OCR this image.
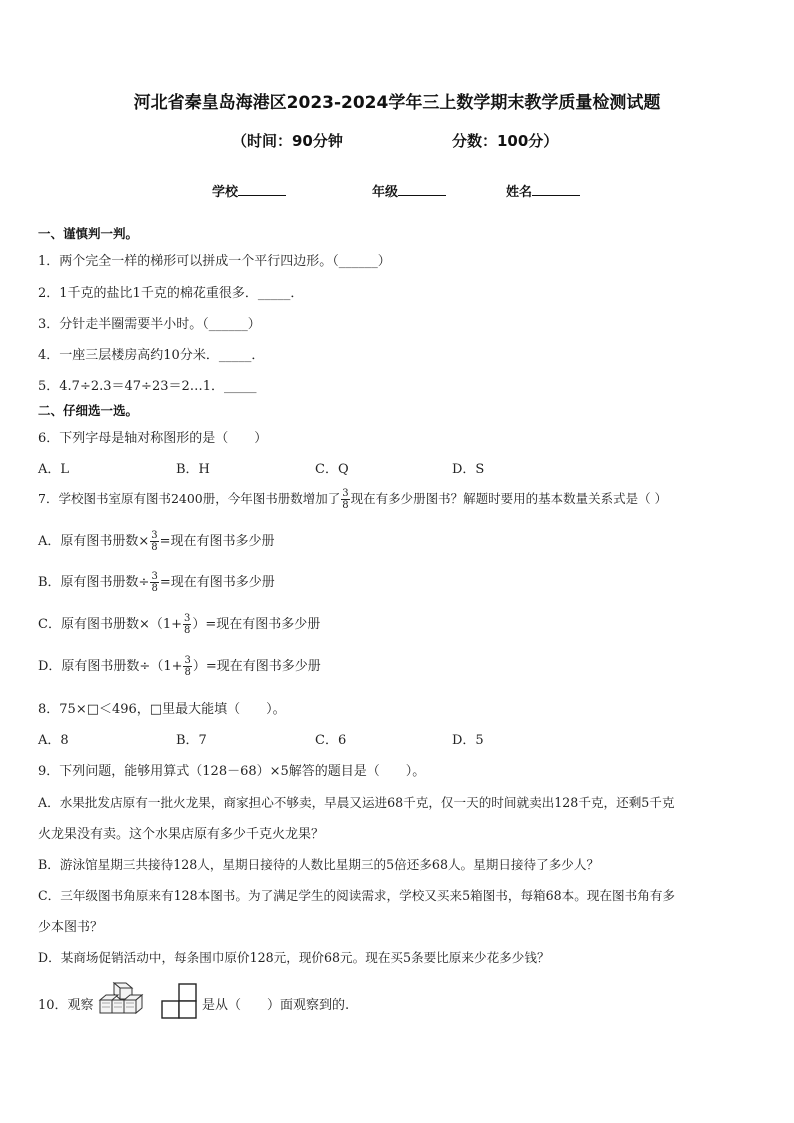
河北省秦皇岛海港区2023-2024学年三上数学期末教学质量检测试题
（时间：90分钟	分数：100分）
学校	年级	姓名
一、谨慎判一判。
1．两个完全一样的梯形可以拼成一个平行四边形。（______）
2．1千克的盐比1千克的棉花重很多．_____．
3．分针走半圈需要半小时。（______）
4．一座三层楼房高约10分米．_____．
5．4.7÷2.3＝47÷23＝2…1．_____
二、仔细选一选。
6．下列字母是轴对称图形的是（　　）
A．L	B．H	C．Q	D．S
7．学校图书室原有图书2400册，今年图书册数增加了 $\frac{3}{8}$ 现在有多少册图书？解题时要用的基本数量关系式是（ ）
A．原有图书册数× $\frac{3}{8}$ =现在有图书多少册
B．原有图书册数÷ $\frac{3}{8}$ =现在有图书多少册
C．原有图书册数$\times(1+ \frac{3}{8}$ ）=现在有图书多少册
D．原有图书册数$\div(1+ \frac{3}{8}$ ）=现在有图书多少册
8．75×□＜496，□里最大能填（　　）。
A．8	B．7	C．6	D．5
9．下列问题，能够用算式（128－68）×5解答的题目是（　　）。
A．水果批发店原有一批火龙果，商家担心不够卖，早晨又运进68千克，仅一天的时间就卖出128千克，还剩5千克
火龙果没有卖。这个水果店原有多少千克火龙果？
B．游泳馆星期三共接待128人，星期日接待的人数比星期三的5倍还多68人。星期日接待了多少人？
C．三年级图书角原来有128本图书。为了满足学生的阅读需求，学校又买来5箱图书，每箱68本。现在图书角有多
少本图书？
D．某商场促销活动中，每条围巾原价128元，现价68元。现在买5条要比原来少花多少钱？
10．观察	是从（　　）面观察到的.
